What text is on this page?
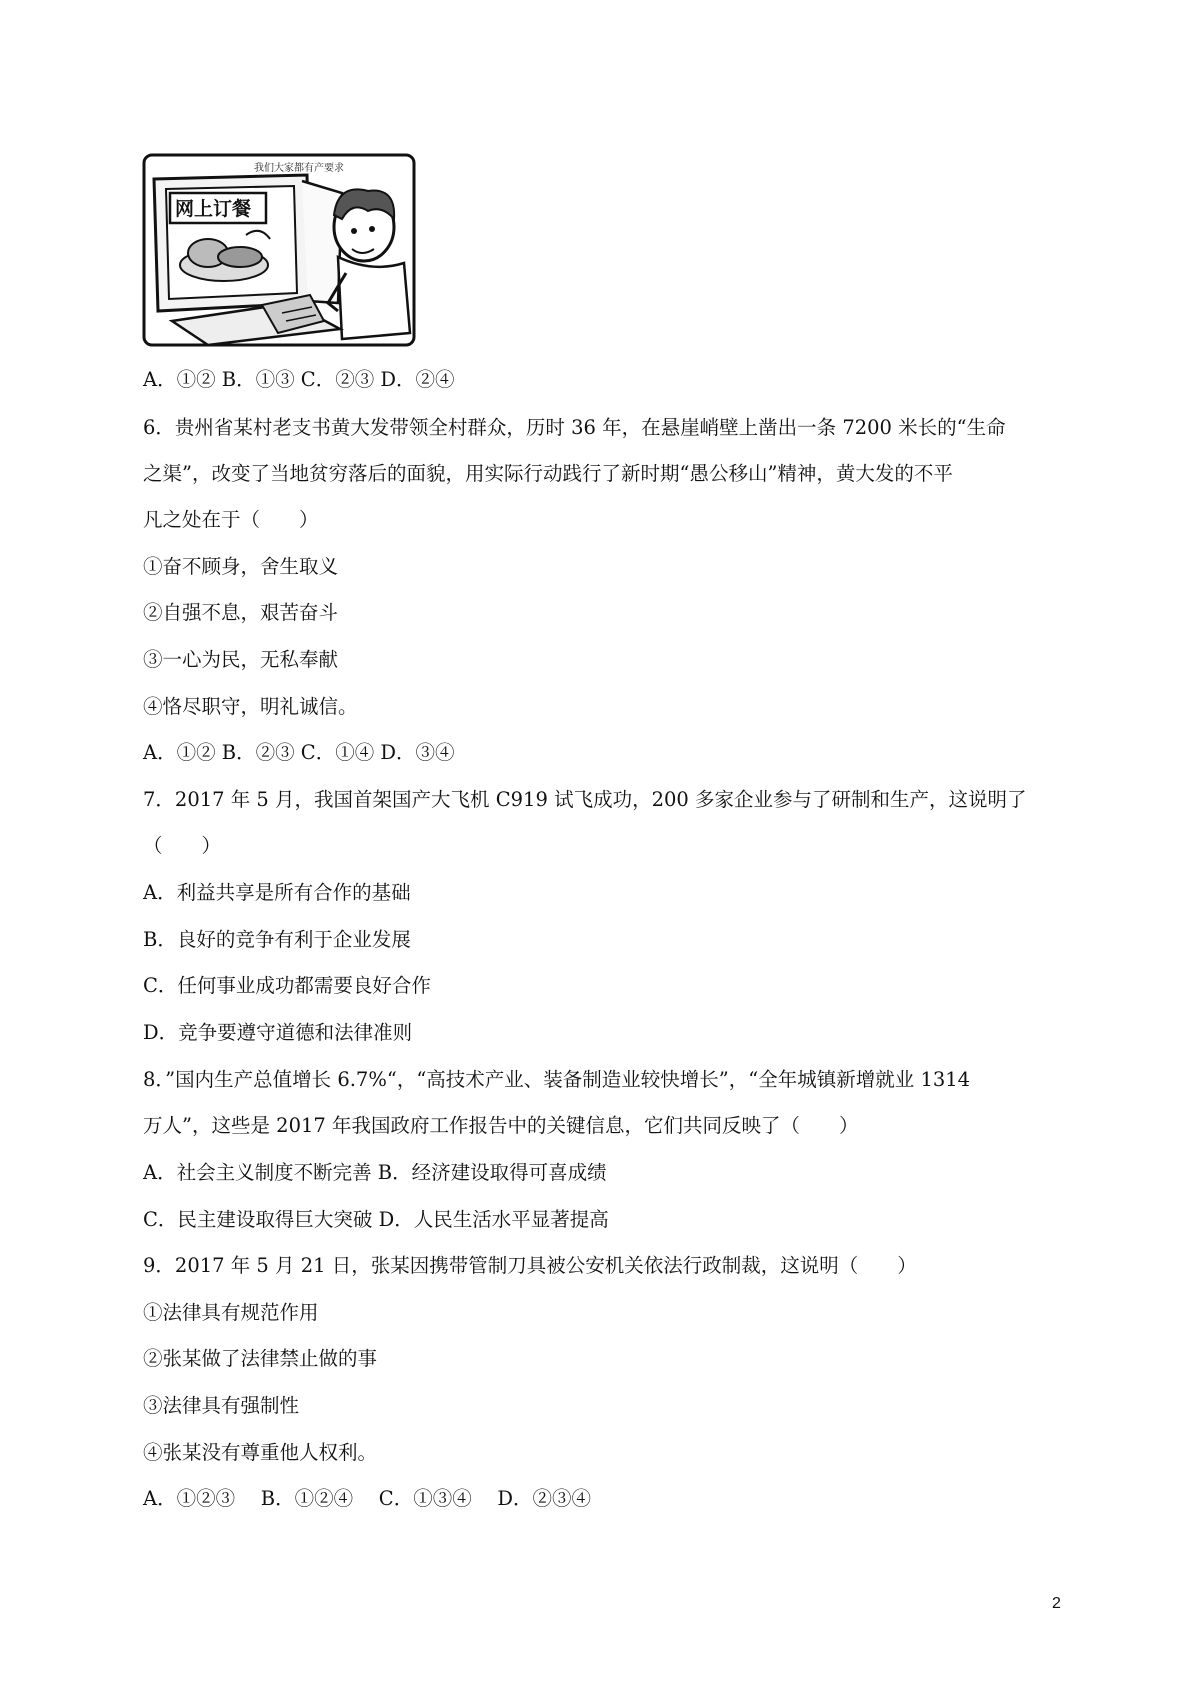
我们大家都有产要求
网上订餐
A．①② B．①③ C．②③ D．②④
6．贵州省某村老支书黄大发带领全村群众，历时 36 年，在悬崖峭壁上凿出一条 7200 米长的“生命
之渠”，改变了当地贫穷落后的面貌，用实际行动践行了新时期“愚公移山”精神，黄大发的不平
凡之处在于（　　）
①奋不顾身，舍生取义
②自强不息，艰苦奋斗
③一心为民，无私奉献
④恪尽职守，明礼诚信。
A．①② B．②③ C．①④ D．③④
7．2017 年 5 月，我国首架国产大飞机 C919 试飞成功，200 多家企业参与了研制和生产，这说明了
（　　）
A．利益共享是所有合作的基础
B．良好的竞争有利于企业发展
C．任何事业成功都需要良好合作
D．竞争要遵守道德和法律准则
8．”国内生产总值增长 6.7%“，“高技术产业、装备制造业较快增长”，“全年城镇新增就业 1314
万人”，这些是 2017 年我国政府工作报告中的关键信息，它们共同反映了（　　）
A．社会主义制度不断完善 B．经济建设取得可喜成绩
C．民主建设取得巨大突破 D．人民生活水平显著提高
9．2017 年 5 月 21 日，张某因携带管制刀具被公安机关依法行政制裁，这说明（　　）
①法律具有规范作用
②张某做了法律禁止做的事
③法律具有强制性
④张某没有尊重他人权利。
A．①②③　 B．①②④　 C．①③④　 D．②③④
2
